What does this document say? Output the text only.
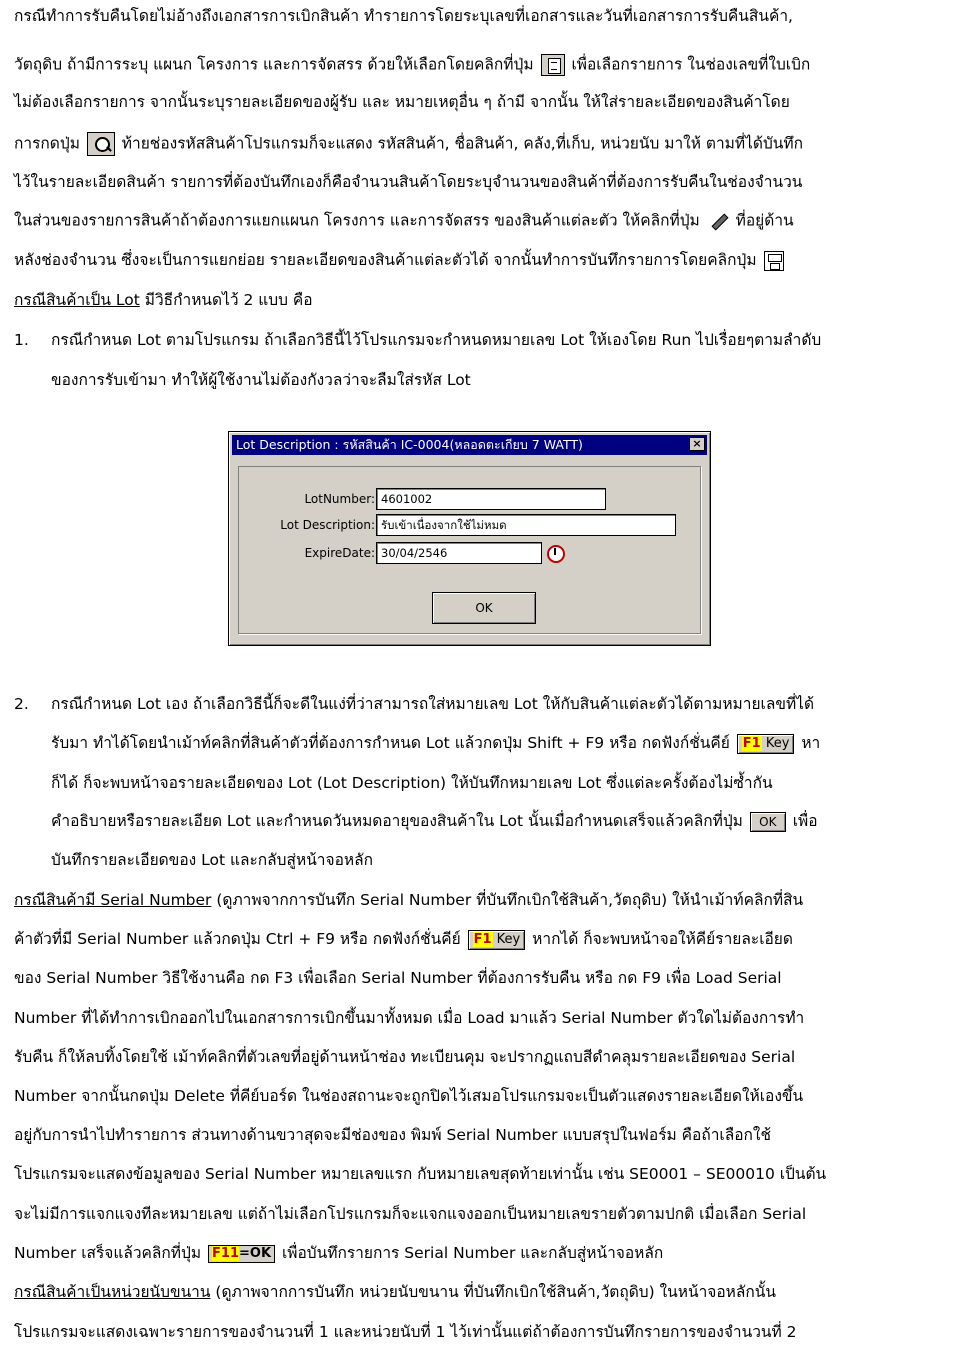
กรณีทำการรับคืนโดยไม่อ้างถึงเอกสารการเบิกสินค้า ทำรายการโดยระบุเลขที่เอกสารและวันที่เอกสารการรับคืนสินค้า,
วัตถุดิบ ถ้ามีการระบุ แผนก โครงการ และการจัดสรร ด้วยให้เลือกโดยคลิกที่ปุ่ม เพื่อเลือกรายการ ในช่องเลขที่ใบเบิก
ไม่ต้องเลือกรายการ จากนั้นระบุรายละเอียดของผู้รับ และ หมายเหตุอื่น ๆ ถ้ามี จากนั้น ให้ใส่รายละเอียดของสินค้าโดย
การกดปุ่ม	ท้ายช่องรหัสสินค้าโปรแกรมก็จะแสดง รหัสสินค้า, ชื่อสินค้า, คลัง,ที่เก็บ, หน่วยนับ มาให้ ตามที่ได้บันทึก
ไว้ในรายละเอียดสินค้า รายการที่ต้องบันทึกเองก็คือจำนวนสินค้าโดยระบุจำนวนของสินค้าที่ต้องการรับคืนในช่องจำนวน
ในส่วนของรายการสินค้าถ้าต้องการแยกแผนก โครงการ และการจัดสรร ของสินค้าแต่ละตัว ให้คลิกที่ปุ่ม ที่อยู่ด้าน
หลังช่องจำนวน ซึ่งจะเป็นการแยกย่อย รายละเอียดของสินค้าแต่ละตัวได้ จากนั้นทำการบันทึกรายการโดยคลิกปุ่ม
กรณีสินค้าเป็น Lot มีวิธีกำหนดไว้ 2 แบบ คือ
1. กรณีกำหนด Lot ตามโปรแกรม ถ้าเลือกวิธีนี้ไว้โปรแกรมจะกำหนดหมายเลข Lot ให้เองโดย Run ไปเรื่อยๆตามลำดับ
ของการรับเข้ามา ทำให้ผู้ใช้งานไม่ต้องกังวลว่าจะลืมใส่รหัส Lot
Lot Description : รหัสสินค้า IC-0004(หลอดตะเกียบ 7 WATT)	×
LotNumber: 4601002
Lot Description: รับเข้าเนื่องจากใช้ไม่หมด
ExpireDate: 30/04/2546
OK
2. กรณีกำหนด Lot เอง ถ้าเลือกวิธีนี้ก็จะดีในแง่ที่ว่าสามารถใส่หมายเลข Lot ให้กับสินค้าแต่ละตัวได้ตามหมายเลขที่ได้
รับมา ทำได้โดยนำเม้าท์คลิกที่สินค้าตัวที่ต้องการกำหนด Lot แล้วกดปุ่ม Shift + F9 หรือ กดฟังก์ชั่นคีย์ F1 Key หา
ก็ได้ ก็จะพบหน้าจอรายละเอียดของ Lot (Lot Description) ให้บันทึกหมายเลข Lot ซึ่งแต่ละครั้งต้องไม่ซ้ำกัน
คำอธิบายหรือรายละเอียด Lot และกำหนดวันหมดอายุของสินค้าใน Lot นั้นเมื่อกำหนดเสร็จแล้วคลิกที่ปุ่ม OK เพื่อ
บันทึกรายละเอียดของ Lot และกลับสู่หน้าจอหลัก
กรณีสินค้ามี Serial Number (ดูภาพจากการบันทึก Serial Number ที่บันทึกเบิกใช้สินค้า,วัตถุดิบ) ให้นำเม้าท์คลิกที่สิน
ค้าตัวที่มี Serial Number แล้วกดปุ่ม Ctrl + F9 หรือ กดฟังก์ชั่นคีย์ F1 Key หากได้ ก็จะพบหน้าจอให้คีย์รายละเอียด
ของ Serial Number วิธีใช้งานคือ กด F3 เพื่อเลือก Serial Number ที่ต้องการรับคืน หรือ กด F9 เพื่อ Load Serial
Number ที่ได้ทำการเบิกออกไปในเอกสารการเบิกขึ้นมาทั้งหมด เมื่อ Load มาแล้ว Serial Number ตัวใดไม่ต้องการทำ
รับคืน ก็ให้ลบทิ้งโดยใช้ เม้าท์คลิกที่ตัวเลขที่อยู่ด้านหน้าช่อง ทะเบียนคุม จะปรากฏแถบสีดำคลุมรายละเอียดของ Serial
Number จากนั้นกดปุ่ม Delete ที่คีย์บอร์ด ในช่องสถานะจะถูกปิดไว้เสมอโปรแกรมจะเป็นตัวแสดงรายละเอียดให้เองขึ้น
อยู่กับการนำไปทำรายการ ส่วนทางด้านขวาสุดจะมีช่องของ พิมพ์ Serial Number แบบสรุปในฟอร์ม คือถ้าเลือกใช้
โปรแกรมจะแสดงข้อมูลของ Serial Number หมายเลขแรก กับหมายเลขสุดท้ายเท่านั้น เช่น SE0001 – SE00010 เป็นต้น
จะไม่มีการแจกแจงทีละหมายเลข แต่ถ้าไม่เลือกโปรแกรมก็จะแจกแจงออกเป็นหมายเลขรายตัวตามปกติ เมื่อเลือก Serial
Number เสร็จแล้วคลิกที่ปุ่ม F11=OK เพื่อบันทึกรายการ Serial Number และกลับสู่หน้าจอหลัก
กรณีสินค้าเป็นหน่วยนับขนาน (ดูภาพจากการบันทึก หน่วยนับขนาน ที่บันทึกเบิกใช้สินค้า,วัตถุดิบ) ในหน้าจอหลักนั้น
โปรแกรมจะแสดงเฉพาะรายการของจำนวนที่ 1 และหน่วยนับที่ 1 ไว้เท่านั้นแต่ถ้าต้องการบันทึกรายการของจำนวนที่ 2
